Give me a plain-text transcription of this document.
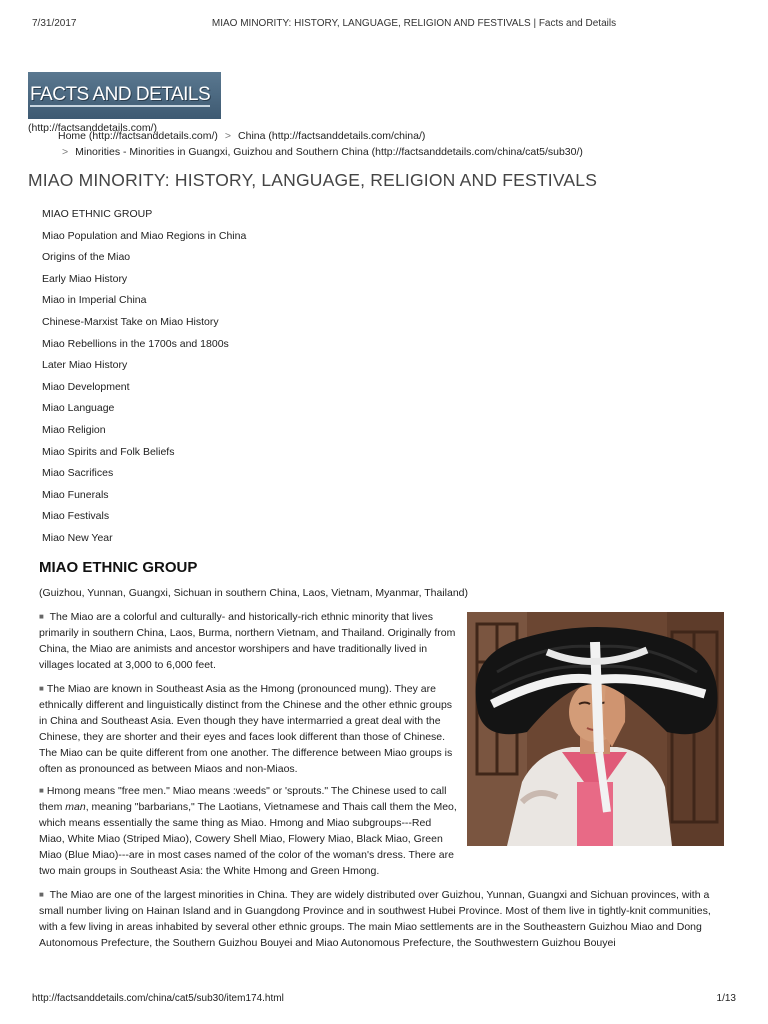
7/31/2017	MIAO MINORITY: HISTORY, LANGUAGE, RELIGION AND FESTIVALS | Facts and Details
FACTS AND DETAILS
(http://factsanddetails.com/)
Home (http://factsanddetails.com/) > China (http://factsanddetails.com/china/)
> Minorities - Minorities in Guangxi, Guizhou and Southern China (http://factsanddetails.com/china/cat5/sub30/)
MIAO MINORITY: HISTORY, LANGUAGE, RELIGION AND FESTIVALS
MIAO ETHNIC GROUP
Miao Population and Miao Regions in China
Origins of the Miao
Early Miao History
Miao in Imperial China
Chinese-Marxist Take on Miao History
Miao Rebellions in the 1700s and 1800s
Later Miao History
Miao Development
Miao Language
Miao Religion
Miao Spirits and Folk Beliefs
Miao Sacrifices
Miao Funerals
Miao Festivals
Miao New Year
MIAO ETHNIC GROUP

(Guizhou, Yunnan, Guangxi, Sichuan in southern China, Laos, Vietnam, Myanmar, Thailand)

■ The Miao are a colorful and culturally- and historically-rich ethnic minority that lives primarily in southern China, Laos, Burma, northern Vietnam, and Thailand. Originally from China, the Miao are animists and ancestor worshipers and have traditionally lived in villages located at 3,000 to 6,000 feet.

■ The Miao are known in Southeast Asia as the Hmong (pronounced mung). They are ethnically different and linguistically distinct from the Chinese and the other ethnic groups in China and Southeast Asia. Even though they have intermarried a great deal with the Chinese, they are shorter and their eyes and faces look different than those of Chinese. The Miao can be quite different from one another. The difference between Miao groups is often as pronounced as between Miaos and non-Miaos.

■ Hmong means "free men." Miao means :weeds" or 'sprouts." The Chinese used to call them man, meaning "barbarians," The Laotians, Vietnamese and Thais call them the Meo, which means essentially the same thing as Miao. Hmong and Miao subgroups---Red Miao, White Miao (Striped Miao), Cowery Shell Miao, Flowery Miao, Black Miao, Green Miao (Blue Miao)---are in most cases named of the color of the woman's dress. There are two main groups in Southeast Asia: the White Hmong and Green Hmong.

■ The Miao are one of the largest minorities in China. They are widely distributed over Guizhou, Yunnan, Guangxi and Sichuan provinces, with a small number living on Hainan Island and in Guangdong Province and in southwest Hubei Province. Most of them live in tightly-knit communities, with a few living in areas inhabited by several other ethnic groups. The main Miao settlements are in the Southeastern Guizhou Miao and Dong Autonomous Prefecture, the Southern Guizhou Bouyei and Miao Autonomous Prefecture, the Southwestern Guizhou Bouyei

http://factsanddetails.com/china/cat5/sub30/item174.html	1/13
